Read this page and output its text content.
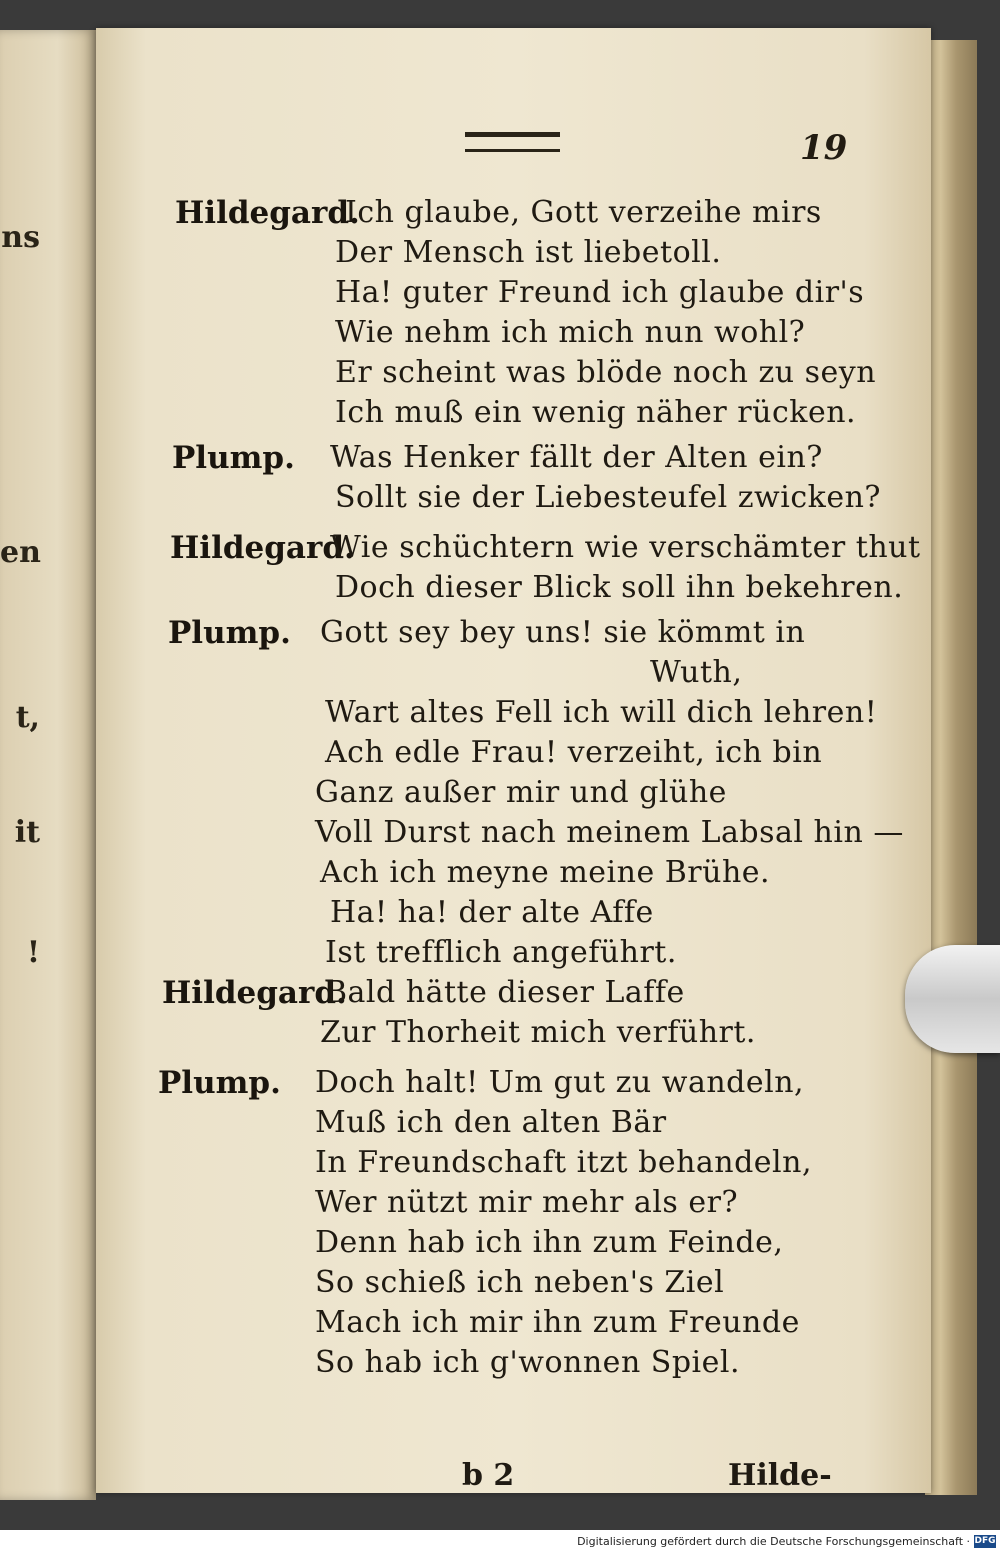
ns
en
t,
it
!
19
Hildegard.
Ich glaube, Gott verzeihe mirs
Der Mensch ist liebetoll.
Ha! guter Freund ich glaube dir's
Wie nehm ich mich nun wohl?
Er scheint was blöde noch zu seyn
Ich muß ein wenig näher rücken.
Plump. Was Henker fällt der Alten ein?
Sollt sie der Liebesteufel zwicken?
Hildegard.
Wie schüchtern wie verschämter thut
Doch dieser Blick soll ihn bekehren.
Plump. Gott sey bey uns! sie kömmt in
Wuth,
Wart altes Fell ich will dich lehren!
Ach edle Frau! verzeiht, ich bin
Ganz außer mir und glühe
Voll Durst nach meinem Labsal hin —
Ach ich meyne meine Brühe.
Ha! ha! der alte Affe
Ist trefflich angeführt.
Hildegard.
Bald hätte dieser Laffe
Zur Thorheit mich verführt.
Plump. Doch halt! Um gut zu wandeln,
Muß ich den alten Bär
In Freundschaft itzt behandeln,
Wer nützt mir mehr als er?
Denn hab ich ihn zum Feinde,
So schieß ich neben's Ziel
Mach ich mir ihn zum Freunde
So hab ich g'wonnen Spiel.
b 2	Hilde-
Digitalisierung gefördert durch die Deutsche Forschungsgemeinschaft · DFG
